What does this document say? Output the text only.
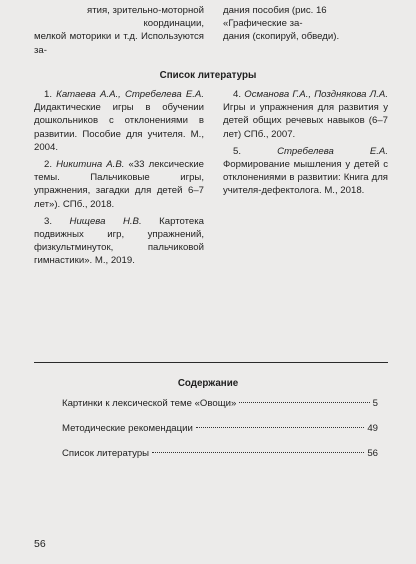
ятия, зрительно-моторной координации,
мелкой моторики и т.д. Используются за-
дания пособия (рис. 16 «Графические за-
дания (скопируй, обведи).
Список литературы

1. Катаева А.А., Стребелева Е.А. Дидактические игры в обучении дошкольников с отклонениями в развитии. Пособие для учителя. М., 2004.

2. Никитина А.В. «33 лексические темы. Пальчиковые игры, упражнения, загадки для детей 6–7 лет»). СПб., 2018.

3. Нищева Н.В. Картотека подвижных игр, упражнений, физкультминуток, пальчиковой гимнастики». М., 2019.

4. Османова Г.А., Позднякова Л.А. Игры и упражнения для развития у детей общих речевых навыков (6–7 лет) СПб., 2007.

5.	Стребелева Е.А. Формирование мышления у детей с отклонениями в развитии: Книга для учителя-дефектолога. М., 2018.

Содержание
Картинки к лексической теме «Овощи»	5
Методические рекомендации	49
Список литературы	56
56
